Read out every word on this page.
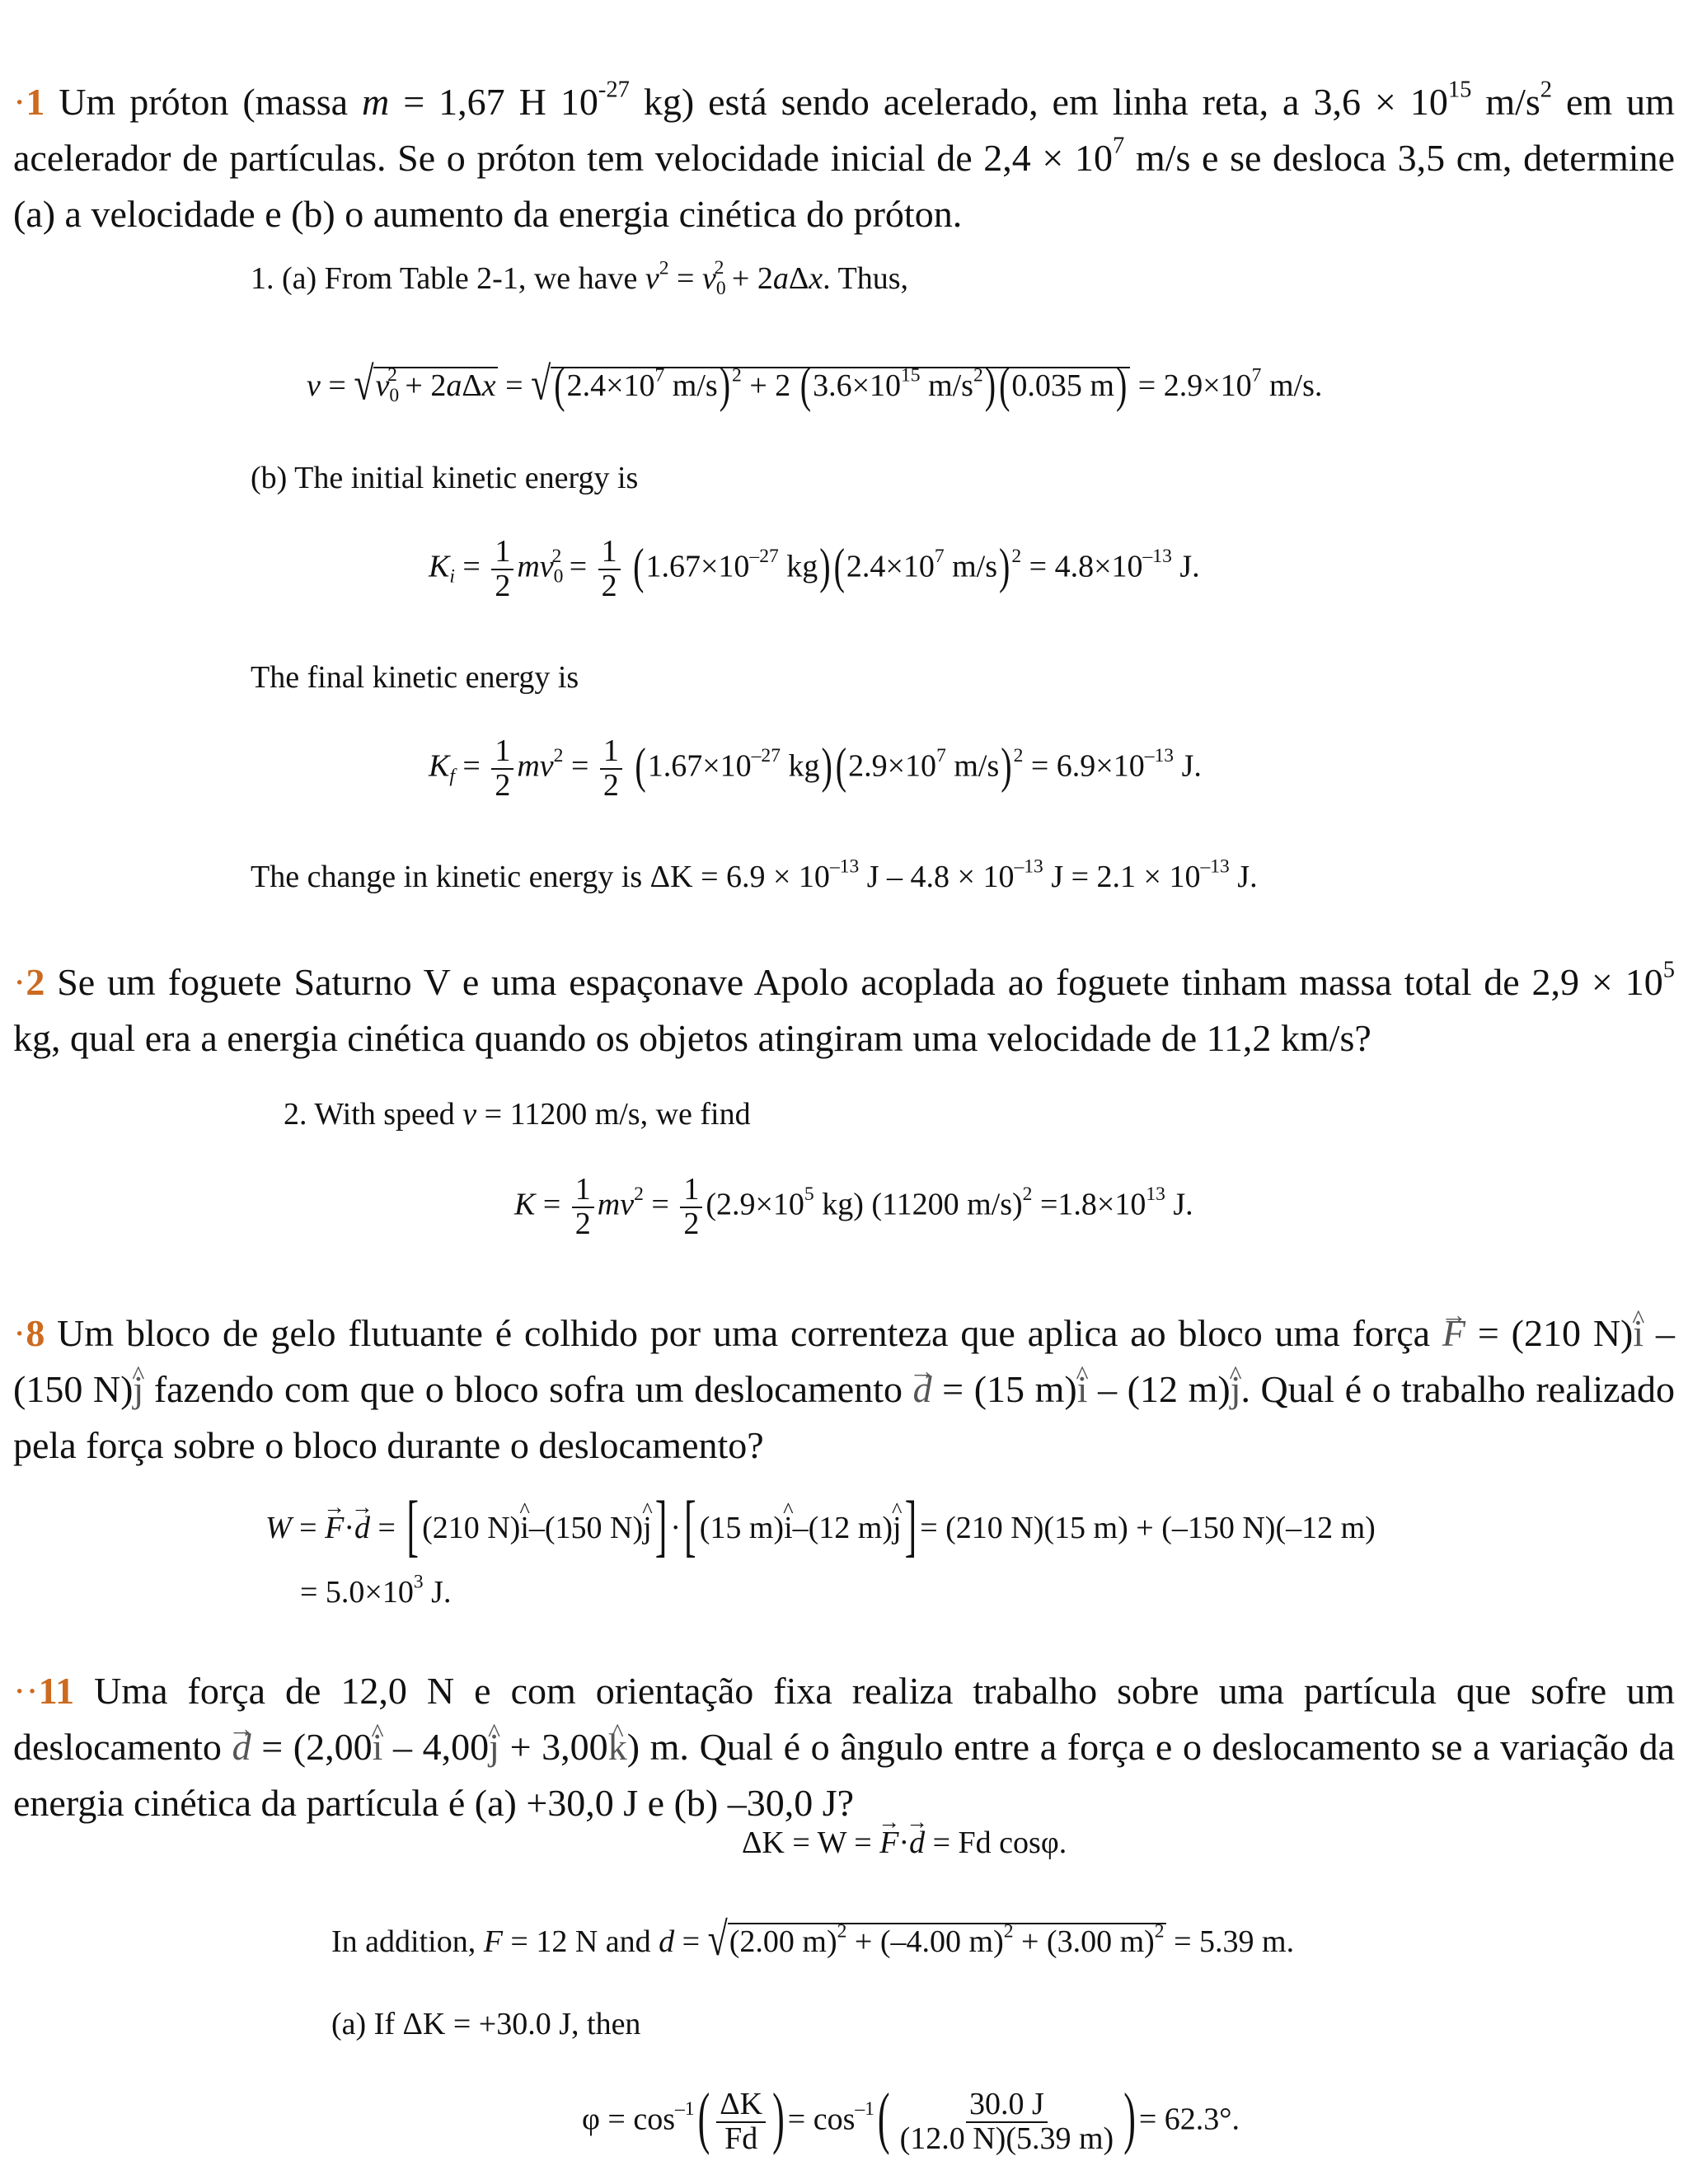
·1 Um próton (massa m = 1,67 H $10^{-27}$ kg) está sendo acelerado, em linha reta, a $3,6 \times 10^{15}$ $m/s^2$ em um acelerador de partículas. Se o próton tem velocidade inicial de $2,4 \times 10^7$ m/s e se desloca 3,5 cm, determine (a) a velocidade e (b) o aumento da energia cinética do próton.
1. (a) From Table 2-1, we have $v^2 = v_0^2 + 2a\Delta x$. Thus,
$v = √v_0^2 + 2a\Delta x$ = √ ($2.4\times 10^7$ m/s)$^2$ + 2 ($3.6\times 10^{15}$ $m/s^2$) (0.035 $m) = 2.9\times 10^7$ m/s.
(b) The initial kinetic energy is
$K_i = \frac{1}{2} mv_0^2 = \frac{1}{2} (1.67\times 10^{-27}$ kg) ($2.4\times 10^7$ $m/s)^2 = 4.8\times 10^{-13}$ J.
The final kinetic energy is
$K_f = \frac{1}{2} mv^2 = \frac{1}{2} (1.67\times 10^{-27}$ kg) ($2.9\times 10^7$ $m/s)^2 = 6.9\times 10^{-13}$ J.
The change in kinetic energy is $\Delta K = 6.9 \times 10^{-13}$ $J - 4.8 \times 10^{-13}$ $J = 2.1 \times 10^{-13}$ J.
·2 Se um foguete Saturno V e uma espaçonave Apolo acoplada ao foguete tinham massa total de $2,9 \times 10^5$ kg, qual era a energia cinética quando os objetos atingiram uma velocidade de 11,2 km/s?
2. With speed v = 11200 m/s, we find
$K = \frac{1}{2} mv^2 = \frac{1}{2} (2.9\times 10^5$ kg) (11200 $m/s)^2 =1.8\times 10^{13}$ J.
·8 Um bloco de gelo flutuante é colhido por uma correnteza que aplica ao bloco uma força → F = (210 N)^ i – (150 N)^ j fazendo com que o bloco sofra um deslocamento → d = (15 m)^ i – (12 m)^ j. Qual é o trabalho realizado pela força sobre o bloco durante o deslocamento?
W = → F·→ d = [ (210 N)^ i–(150 N)^ j] ·[ (15 m)^ i–(12 m)^ j] = (210 N)(15 m) + (–150 N)(–12 m)
= $5.0\times 10^3$ J.
··11 Uma força de 12,0 N e com orientação fixa realiza trabalho sobre uma partícula que sofre um deslocamento → d = (2,00^ i – 4,00^ j + 3,00^ k) m. Qual é o ângulo entre a força e o deslocamento se a variação da energia cinética da partícula é (a) +30,0 J e (b) –30,0 J?
ΔK = W = → F·→ d = Fd cosφ.
In addition, F = 12 N and d = √(2.00 m)$^2$ + (–4.00 m)$^2$ + (3.00 m)$^2$ = 5.39 m.
(a) If ΔK = +30.0 J, then
$\varphi = \cos^{-1}( \frac{\Delta K}{Fd}$ ) = $\cos^{-1}( \frac{30.0 J}{(12.0 N)(5.39 m)}$ ) = 62.3°.
